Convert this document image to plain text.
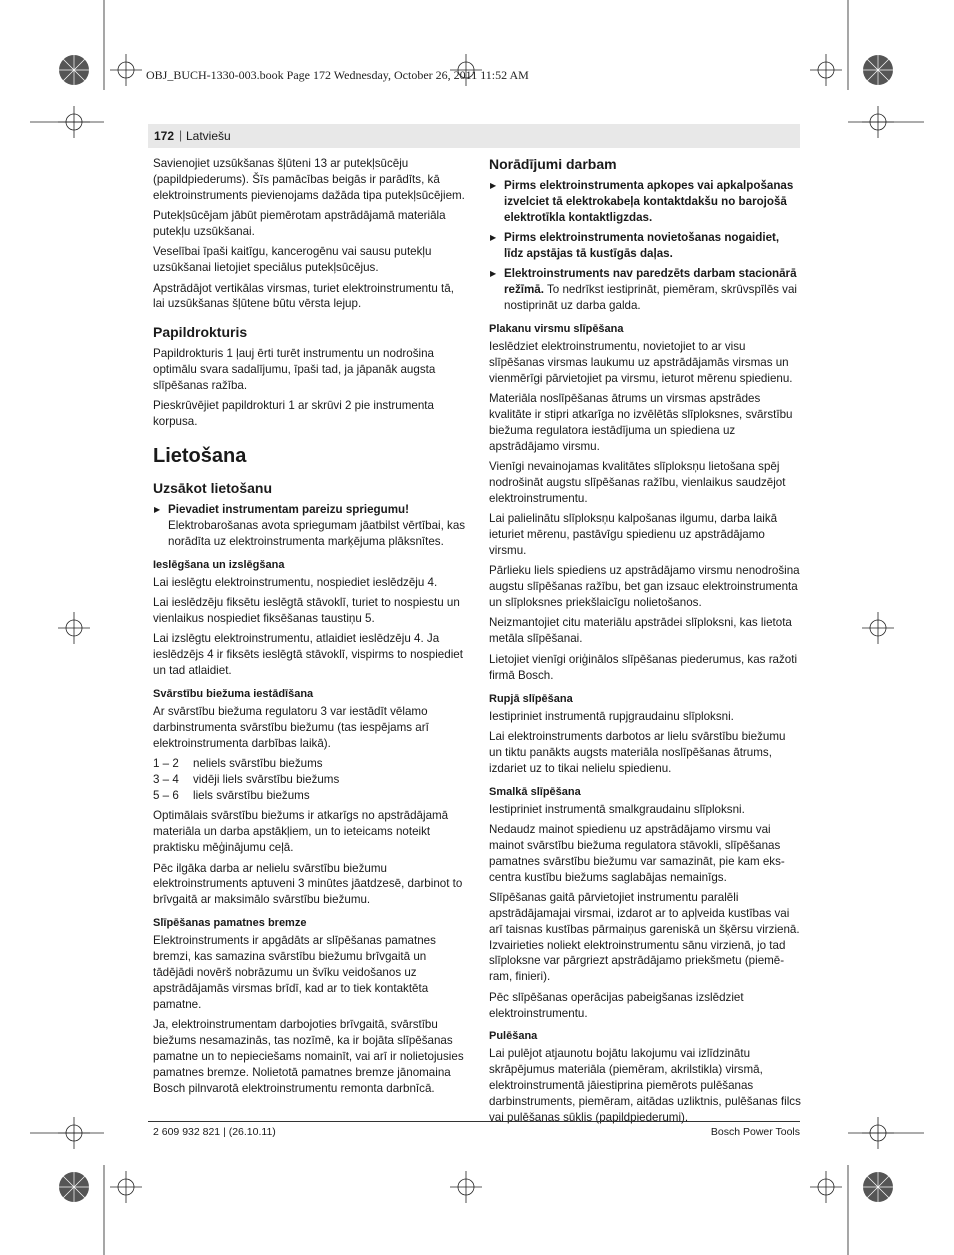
OBJ_BUCH-1330-003.book Page 172 Wednesday, October 26, 2011 11:52 AM
172 | Latviešu

Savienojiet uzsūkšanas šļūteni 13 ar putekļsūcēju (papildpiederums). Šīs pamācības beigās ir parādīts, kā elektroinstruments pievienojams dažāda tipa putekļsūcējiem.

Putekļsūcējam jābūt piemērotam apstrādājamā materiāla putekļu uzsūkšanai.

Veselībai īpaši kaitīgu, kancerogēnu vai sausu putekļu uzsūkšanai lietojiet speciālus putekļsūcējus.

Apstrādājot vertikālas virsmas, turiet elektroinstrumentu tā, lai uzsūkšanas šļūtene būtu vērsta lejup.

Papildrokturis

Papildrokturis 1 ļauj ērti turēt instrumentu un nodrošina optimālu svara sadalījumu, īpaši tad, ja jāpanāk augsta slīpēšanas ražība.

Pieskrūvējiet papildrokturi 1 ar skrūvi 2 pie instrumenta korpusa.

Lietošana
Uzsākot lietošanu
▶ Pievadiet instrumentam pareizu spriegumu! Elektrobarošanas avota spriegumam jāatbilst vērtībai, kas norādīta uz elektroinstrumenta marķējuma plāksnītes.
Ieslēgšana un izslēgšana

Lai ieslēgtu elektroinstrumentu, nospiediet ieslēdzēju 4.

Lai ieslēdzēju fiksētu ieslēgtā stāvoklī, turiet to nospiestu un vienlaikus nospiediet fiksēšanas taustiņu 5.

Lai izslēgtu elektroinstrumentu, atlaidiet ieslēdzēju 4. Ja ieslēdzējs 4 ir fiksēts ieslēgtā stāvoklī, vispirms to nospiediet un tad atlaidiet.

Svārstību biežuma iestādīšana

Ar svārstību biežuma regulatoru 3 var iestādīt vēlamo darbinstrumenta svārstību biežumu (tas iespējams arī elektroinstrumenta darbības laikā).

1 – 2	neliels svārstību biežums
3 – 4	vidēji liels svārstību biežums
5 – 6	liels svārstību biežums

Optimālais svārstību biežums ir atkarīgs no apstrādājamā materiāla un darba apstākļiem, un to ieteicams noteikt praktisku mēģinājumu ceļā.

Pēc ilgāka darba ar nelielu svārstību biežumu elektroinstruments aptuveni 3 minūtes jāatdzesē, darbinot to brīvgaitā ar maksimālo svārstību biežumu.

Slīpēšanas pamatnes bremze

Elektroinstruments ir apgādāts ar slīpēšanas pamatnes bremzi, kas samazina svārstību biežumu brīvgaitā un tādējādi novērš nobrāzumu un švīku veidošanos uz apstrādājamās virsmas brīdī, kad ar to tiek kontaktēta pamatne.

Ja, elektroinstrumentam darbojoties brīvgaitā, svārstību biežums nesamazinās, tas nozīmē, ka ir bojāta slīpēšanas pamatne un to nepieciešams nomainīt, vai arī ir nolietojusies pamatnes bremze. Nolietotā pamatnes bremze jānomaina Bosch pilnvarotā elektroinstrumentu remonta darbnīcā.

Norādījumi darbam
▶ Pirms elektroinstrumenta apkopes vai apkalpošanas izvelciet tā elektrokabeļa kontaktdakšu no barojošā elektrotīkla kontaktligzdas.
▶ Pirms elektroinstrumenta novietošanas nogaidiet, līdz apstājas tā kustīgās daļas.
▶ Elektroinstruments nav paredzēts darbam stacionārā režīmā. To nedrīkst iestiprināt, piemēram, skrūvspīlēs vai nostiprināt uz darba galda.
Plakanu virsmu slīpēšana

Ieslēdziet elektroinstrumentu, novietojiet to ar visu slīpēšanas virsmas laukumu uz apstrādājamās virsmas un vienmērīgi pārvietojiet pa virsmu, ieturot mērenu spiedienu.

Materiāla noslīpēšanas ātrums un virsmas apstrādes kvalitāte ir stipri atkarīga no izvēlētās slīploksnes, svārstību biežuma regulatora iestādījuma un spiediena uz apstrādājamo virsmu.

Vienīgi nevainojamas kvalitātes slīploksņu lietošana spēj nodrošināt augstu slīpēšanas ražību, vienlaikus saudzējot elektroinstrumentu.

Lai palielinātu slīploksņu kalpošanas ilgumu, darba laikā ieturiet mērenu, pastāvīgu spiedienu uz apstrādājamo virsmu.

Pārlieku liels spiediens uz apstrādājamo virsmu nenodrošina augstu slīpēšanas ražību, bet gan izsauc elektroinstrumenta un slīploksnes priekšlaicīgu nolietošanos.

Neizmantojiet citu materiālu apstrādei slīploksni, kas lietota metāla slīpēšanai.

Lietojiet vienīgi oriģinālos slīpēšanas piederumus, kas ražoti firmā Bosch.

Rupjā slīpēšana

Iestipriniet instrumentā rupjgraudainu slīploksni.

Lai elektroinstruments darbotos ar lielu svārstību biežumu un tiktu panākts augsts materiāla noslīpēšanas ātrums, izdariet uz to tikai nelielu spiedienu.

Smalkā slīpēšana

Iestipriniet instrumentā smalkgraudainu slīploksni.

Nedaudz mainot spiedienu uz apstrādājamo virsmu vai mainot svārstību biežuma regulatora stāvokli, slīpēšanas pamatnes svārstību biežumu var samazināt, pie kam ekscentra kustību biežums saglabājas nemainīgs.

Slīpēšanas gaitā pārvietojiet instrumentu paralēli apstrādājamajai virsmai, izdarot ar to apļveida kustības vai arī taisnas kustības pārmaiņus gareniskā un šķērsu virzienā. Izvairieties noliekt elektroinstrumentu sānu virzienā, jo tad slīploksne var pārgriezt apstrādājamo priekšmetu (piemēram, finieri).

Pēc slīpēšanas operācijas pabeigšanas izslēdziet elektroinstrumentu.

Pulēšana

Lai pulējot atjaunotu bojātu lakojumu vai izlīdzinātu skrāpējumus materiāla (piemēram, akrilstikla) virsmā, elektroinstrumentā jāiestiprina piemērots pulēšanas darbinstruments, piemēram, aitādas uzliktnis, pulēšanas filcs vai pulēšanas sūklis (papildpiederumi).

2 609 932 821 | (26.10.11)	Bosch Power Tools
